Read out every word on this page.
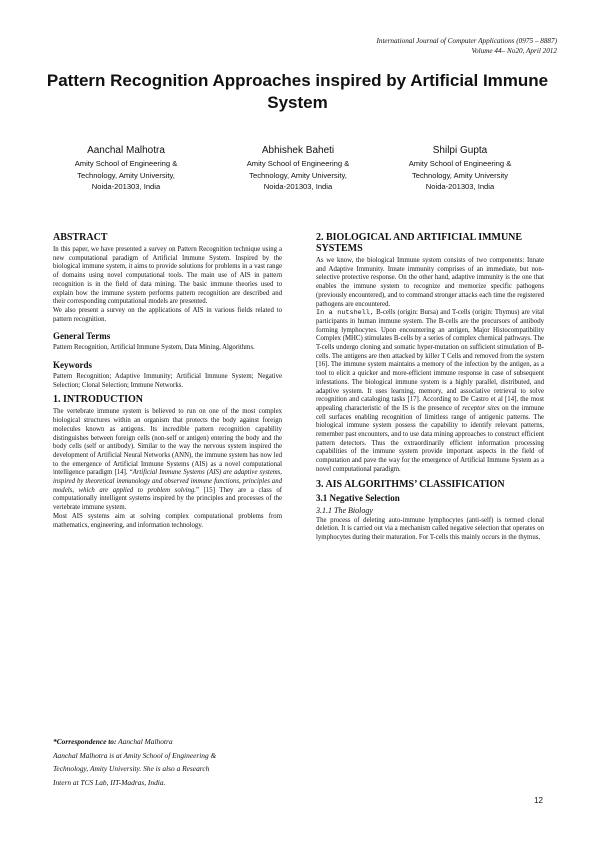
International Journal of Computer Applications (0975 – 8887)
Volume 44– No20, April 2012
Pattern Recognition Approaches inspired by Artificial Immune System
Aanchal Malhotra
Amity School of Engineering &
Technology, Amity University,
Noida-201303, India
Abhishek Baheti
Amity School of Engineering &
Technology, Amity University,
Noida-201303, India
Shilpi Gupta
Amity School of Engineering &
Technology, Amity University
Noida-201303, India
ABSTRACT

In this paper, we have presented a survey on Pattern Recognition technique using a new computational paradigm of Artificial Immune System. Inspired by the biological immune system, it aims to provide solutions for problems in a vast range of domains using novel computational tools. The main use of AIS in pattern recognition is in the field of data mining. The basic immune theories used to explain how the immune system performs pattern recognition are described and their corresponding computational models are presented.

We also present a survey on the applications of AIS in various fields related to pattern recognition.

General Terms

Pattern Recognition, Artificial Immune System, Data Mining, Algorithms.

Keywords

Pattern Recognition; Adaptive Immunity; Artificial Immune System; Negative Selection; Clonal Selection; Immune Networks.

1. INTRODUCTION

The vertebrate immune system is believed to run on one of the most complex biological structures within an organism that protects the body against foreign molecules known as antigens. Its incredible pattern recognition capability distinguishes between foreign cells (non-self or antigen) entering the body and the body cells (self or antibody). Similar to the way the nervous system inspired the development of Artificial Neural Networks (ANN), the immune system has now led to the emergence of Artificial Immune Systems (AIS) as a novel computational intelligence paradigm [14]. “Artificial Immune Systems (AIS) are adaptive systems, inspired by theoretical immunology and observed immune functions, principles and models, which are applied to problem solving.” [15] They are a class of computationally intelligent systems inspired by the principles and processes of the vertebrate immune system.

Most AIS systems aim at solving complex computational problems from mathematics, engineering, and information technology.

2. BIOLOGICAL AND ARTIFICIAL IMMUNE SYSTEMS

As we know, the biological Immune system consists of two components: Innate and Adaptive Immunity. Innate immunity comprises of an immediate, but non-selective protective response. On the other hand, adaptive immunity is the one that enables the immune system to recognize and memorize specific pathogens (previously encountered), and to command stronger attacks each time the registered pathogens are encountered.

In a nutshell, B-cells (origin: Bursa) and T-cells (origin: Thymus) are vital participants in human immune system. The B-cells are the precursors of antibody forming lymphocytes. Upon encountering an antigen, Major Histocompatibility Complex (MHC) stimulates B-cells by a series of complex chemical pathways. The T-cells undergo cloning and somatic hyper-mutation on sufficient stimulation of B-cells. The antigens are then attacked by killer T Cells and removed from the system [16]. The immune system maintains a memory of the infection by the antigen, as a tool to elicit a quicker and more-efficient immune response in case of subsequent infestations. The biological immune system is a highly parallel, distributed, and adaptive system. It uses learning, memory, and associative retrieval to solve recognition and cataloging tasks [17]. According to De Castro et al [14], the most appealing characteristic of the IS is the presence of receptor sites on the immune cell surfaces enabling recognition of limitless range of antigenic patterns. The biological immune system possess the capability to identify relevant patterns, remember past encounters, and to use data mining approaches to construct efficient pattern detectors. Thus the extraordinarily efficient information processing capabilities of the immune system provide important aspects in the field of computation and pave the way for the emergence of Artificial Immune System as a novel computational paradigm.

3. AIS ALGORITHMS’ CLASSIFICATION
3.1 Negative Selection
3.1.1 The Biology

The process of deleting auto-immune lymphocytes (anti-self) is termed clonal deletion. It is carried out via a mechanism called negative selection that operates on lymphocytes during their maturation. For T-cells this mainly occurs in the thymus,

*Correspondence to: Aanchal Malhotra
Aanchal Malhotra is at Amity School of Engineering &
Technology, Amity University. She is also a Research
Intern at TCS Lab, IIT-Madras, India.
12
